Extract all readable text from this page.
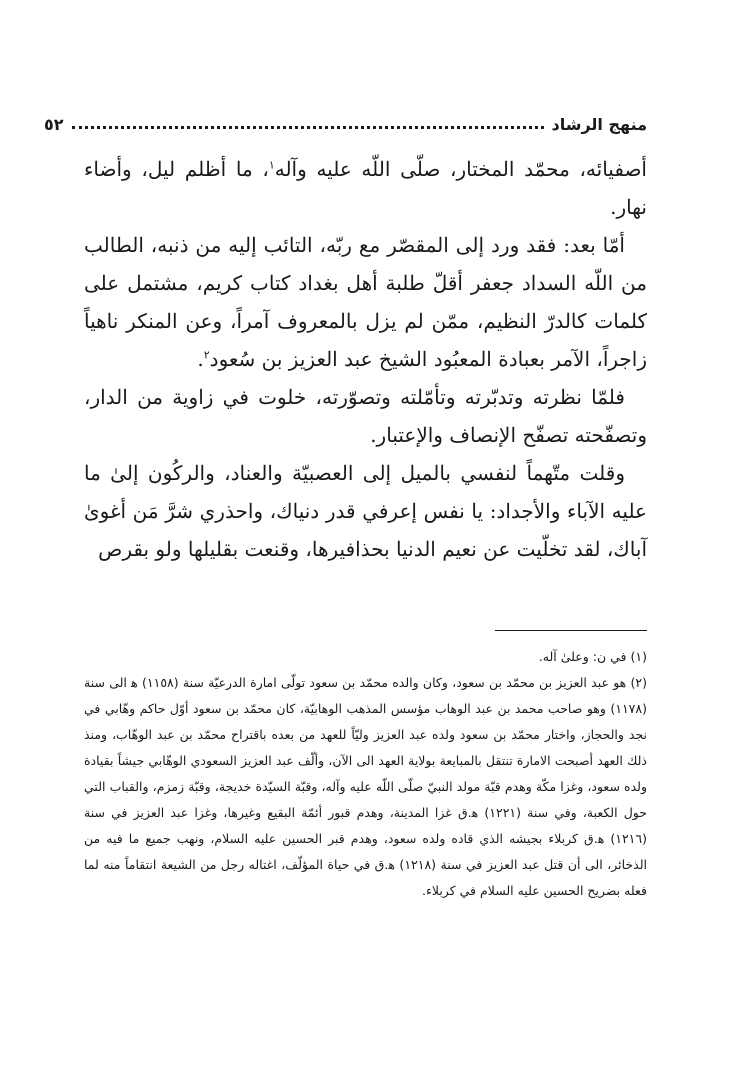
٥٢	منهج الرشاد

أصفيائه، محمّد المختار، صلّى اللّه عليه وآله$^١$، ما أظلم ليل، وأضاء نهار.

أمّا بعد: فقد ورد إلى المقصّر مع ربّه، التائب إليه من ذنبه، الطالب من اللّه السداد جعفر أقلّ طلبة أهل بغداد كتاب كريم، مشتمل على كلمات كالدرّ النظيم، ممّن لم يزل بالمعروف آمراً، وعن المنكر ناهياً زاجراً، الآمر بعبادة المعبُود الشيخ عبد العزيز بن سُعود$^٢$.

فلمّا نظرته وتدبّرته وتأمّلته وتصوّرته، خلوت في زاوية من الدار، وتصفّحته تصفّح الإنصاف والإعتبار.

وقلت متّهماً لنفسي بالميل إلى العصبيّة والعناد، والركُون إلىٰ ما عليه الآباء والأجداد: يا نفس إعرفي قدر دنياك، واحذري شرَّ مَن أغوىٰ آباك، لقد تخلّيت عن نعيم الدنيا بحذافيرها، وقنعت بقليلها ولو بقرص

(١) في ن: وعلىٰ آله.

(٢) هو عبد العزيز بن محمّد بن سعود، وكان والده محمّد بن سعود تولّى امارة الدرعيّة سنة (١١٥٨) ﻫ الى سنة (١١٧٨) وهو صاحب محمد بن عبد الوهاب مؤسس المذهب الوهابيّة، كان محمّد بن سعود أوّل حاكم وهّابي في نجد والحجاز، واختار محمّد بن سعود ولده عبد العزيز وليّاً للعهد من بعده باقتراح محمّد بن عبد الوهّاب، ومنذ ذلك العهد أصبحت الامارة تنتقل بالمبايعة بولاية العهد الى الآن، وألّف عبد العزيز السعودي الوهّابي جيشاً بقيادة ولده سعود، وغزا مكّة وهدم قبّة مولد النبيّ صلّى اللّه عليه وآله، وقبّة السيّدة خديجة، وقبّة زمزم، والقباب التي حول الكعبة، وفي سنة (١٢٢١) ﻫ.ق غزا المدينة، وهدم قبور أئمّة البقيع وغيرها، وغزا عبد العزيز في سنة (١٢١٦) ﻫ.ق كربلاء بجيشه الذي قاده ولده سعود، وهدم قبر الحسين عليه السلام، ونهب جميع ما فيه من الذخائر، الى أن قتل عبد العزيز في سنة (١٢١٨) ﻫ.ق في حياة المؤلّف، اغتاله رجل من الشيعة انتقاماً منه لما فعله بضريح الحسين عليه السلام في كربلاء.
